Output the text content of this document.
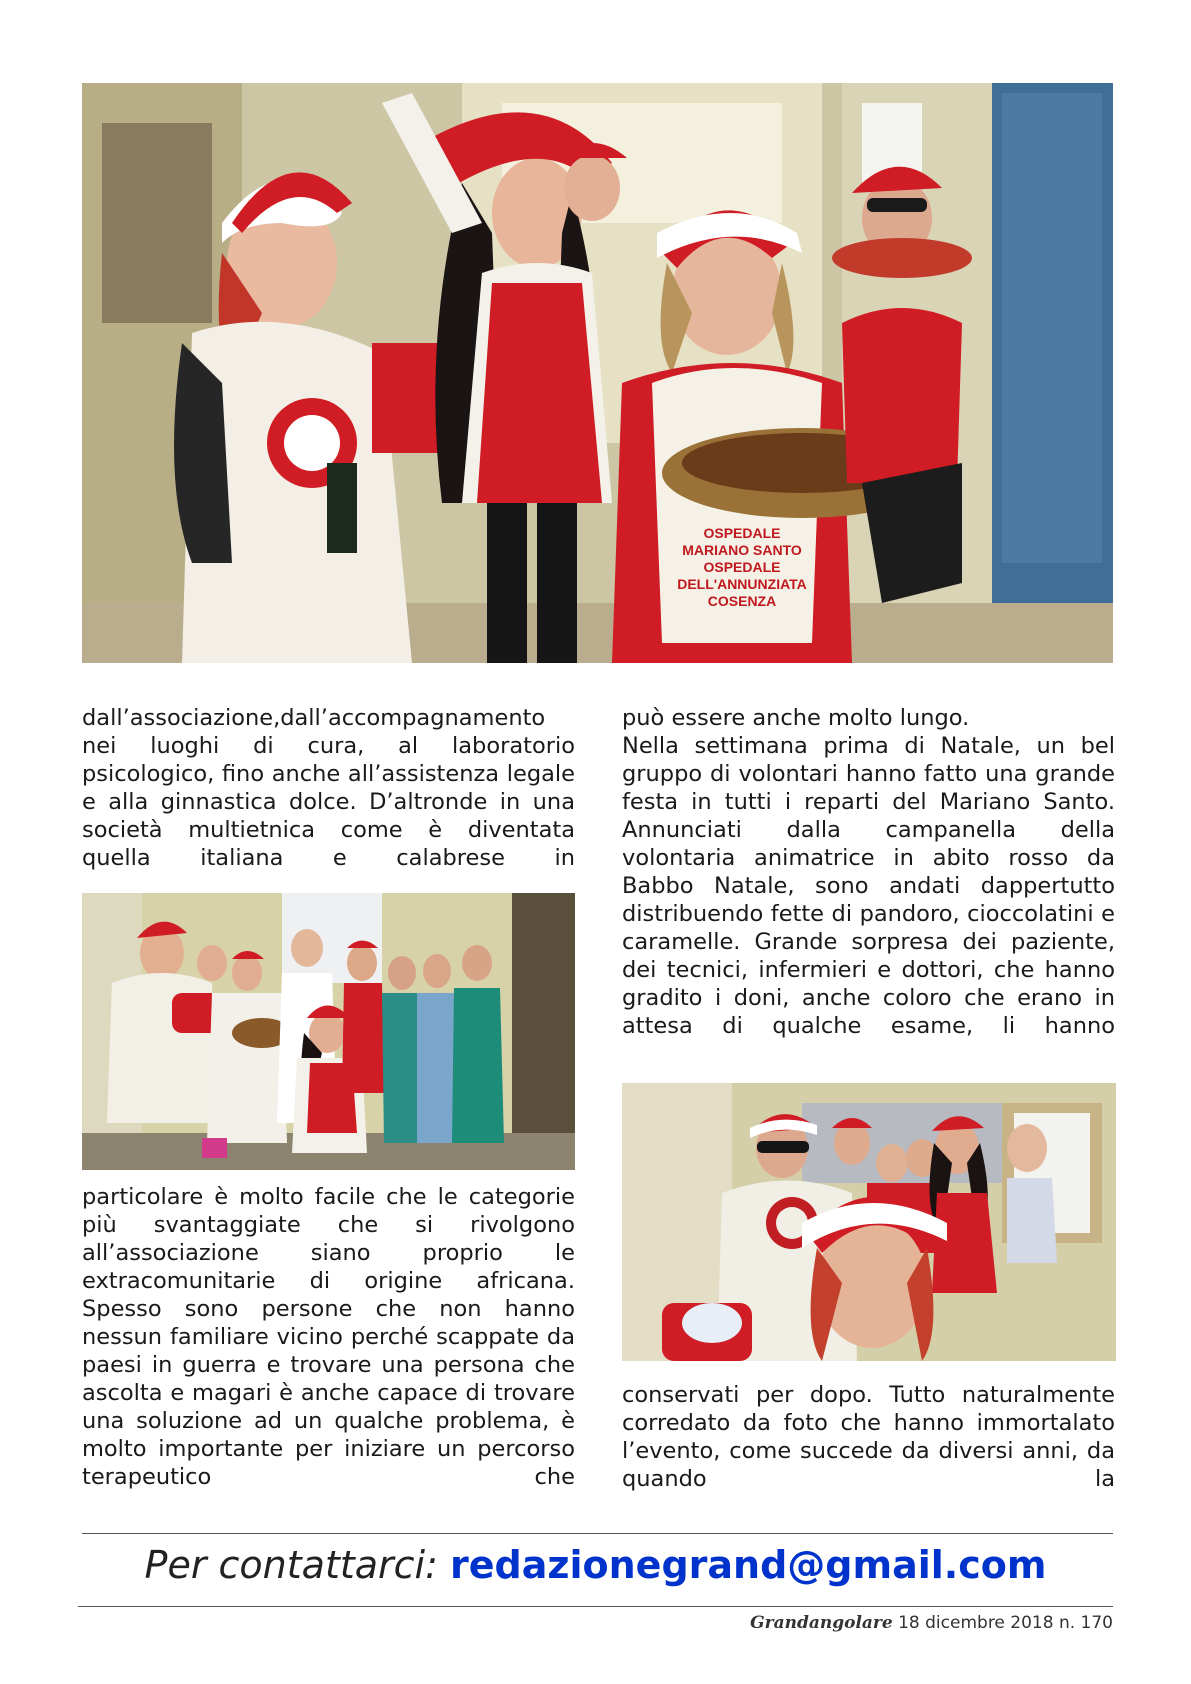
OSPEDALE
MARIANO SANTO
OSPEDALE
DELL'ANNUNZIATA
COSENZA

dall’associazione,dall’accompagnamento nei luoghi di cura, al laboratorio psicologico, fino anche all’assistenza legale e alla ginnastica dolce. D’altronde in una società multietnica come è diventata quella italiana e calabrese in

particolare è molto facile che le categorie più svantaggiate che si rivolgono all’associazione siano proprio le extracomunitarie di origine africana. Spesso sono persone che non hanno nessun familiare vicino perché scappate da paesi in guerra e trovare una persona che ascolta e magari è anche capace di trovare una soluzione ad un qualche problema, è molto importante per iniziare un percorso terapeutico che

può essere anche molto lungo.

Nella settimana prima di Natale, un bel gruppo di volontari hanno fatto una grande festa in tutti i reparti del Mariano Santo. Annunciati dalla campanella della volontaria animatrice in abito rosso da Babbo Natale, sono andati dappertutto distribuendo fette di pandoro, cioccolatini e caramelle. Grande sorpresa dei paziente, dei tecnici, infermieri e dottori, che hanno gradito i doni, anche coloro che erano in attesa di qualche esame, li hanno

conservati per dopo. Tutto naturalmente corredato da foto che hanno immortalato l’evento, come succede da diversi anni, da quando la

Per contattarci: redazionegrand@gmail.com
Grandangolare 18 dicembre 2018 n. 170
